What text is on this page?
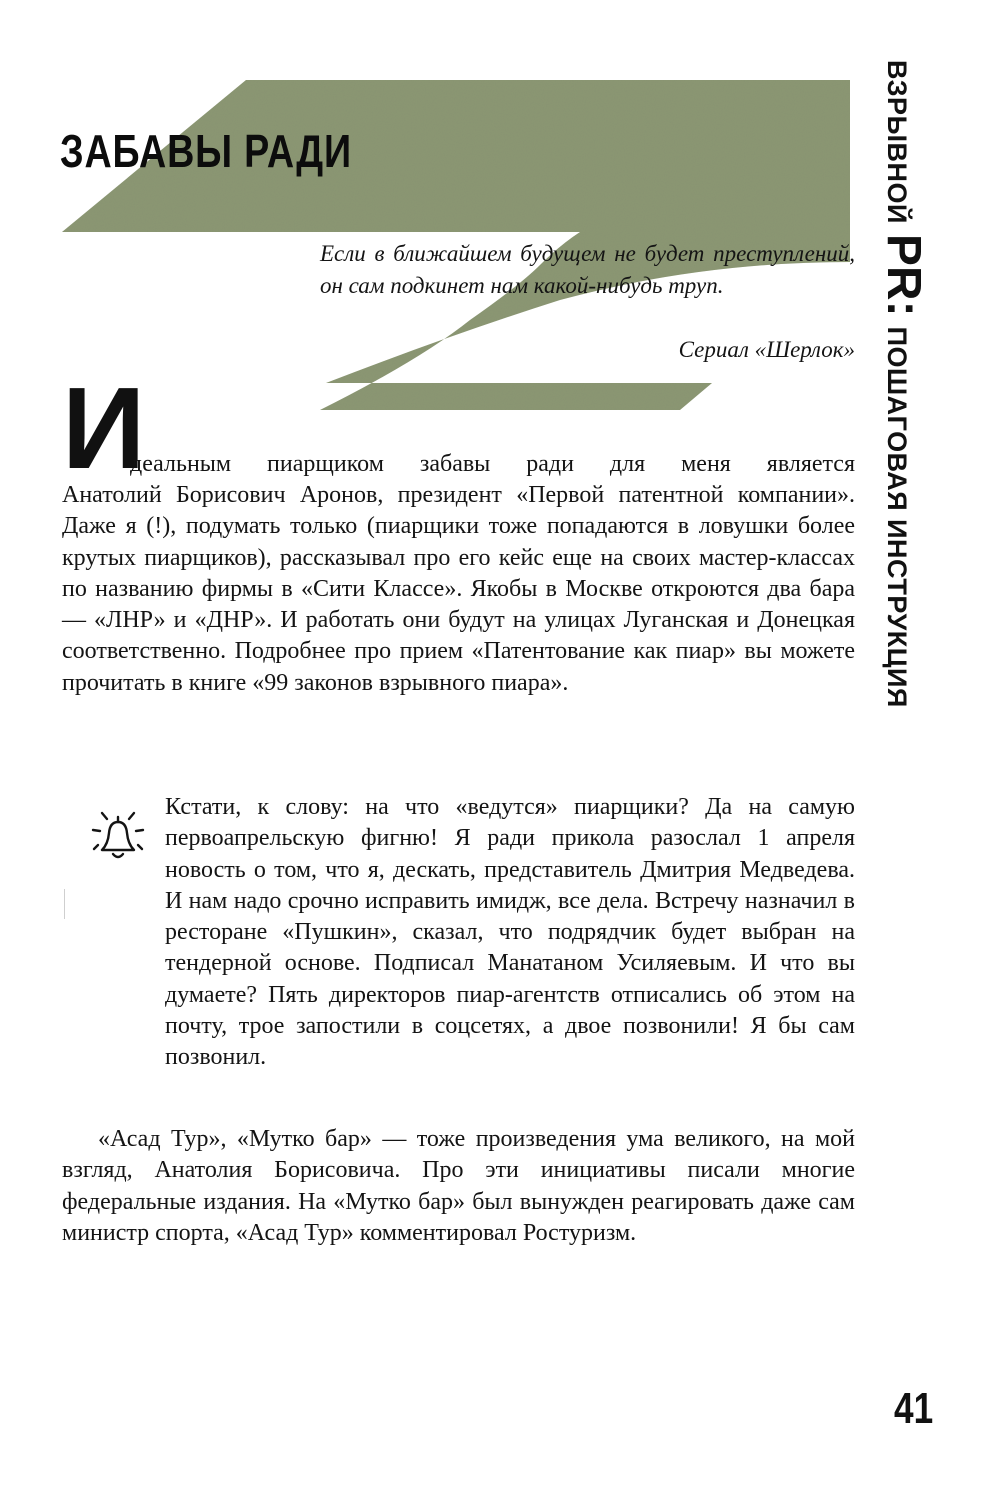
ЗАБАВЫ РАДИ
Если в ближайшем будущем не будет преступлений, он сам подкинет нам какой-нибудь труп.
Сериал «Шерлок»
ВЗРЫВНОЙ
PR:
ПОШАГОВАЯ ИНСТРУКЦИЯ
И

деальным пиарщиком забавы ради для меня является

Анатолий Борисович Аронов, президент «Первой патентной компании». Даже я (!), подумать только (пиарщики тоже попадаются в ловушки более крутых пиарщиков), рассказывал про его кейс еще на своих мастер-классах по названию фирмы в «Сити Классе». Якобы в Москве откроются два бара — «ЛНР» и «ДНР». И работать они будут на улицах Луганская и Донецкая соответственно. Подробнее про прием «Патентование как пиар» вы можете прочитать в книге «99 законов взрывного пиара».

Кстати, к слову: на что «ведутся» пиарщики? Да на самую первоапрельскую фигню! Я ради прикола разослал 1 апреля новость о том, что я, дескать, представитель Дмитрия Медведева. И нам надо срочно исправить имидж, все дела. Встречу назначил в ресторане «Пушкин», сказал, что подрядчик будет выбран на тендерной основе. Подписал Манатаном Усиляевым. И что вы думаете? Пять директоров пиар-агентств отписались об этом на почту, трое запостили в соцсетях, а двое позвонили! Я бы сам позвонил.

«Асад Тур», «Мутко бар» — тоже произведения ума великого, на мой взгляд, Анатолия Борисовича. Про эти инициативы писали многие федеральные издания. На «Мутко бар» был вынужден реагировать даже сам министр спорта, «Асад Тур» комментировал Ростуризм.

41
